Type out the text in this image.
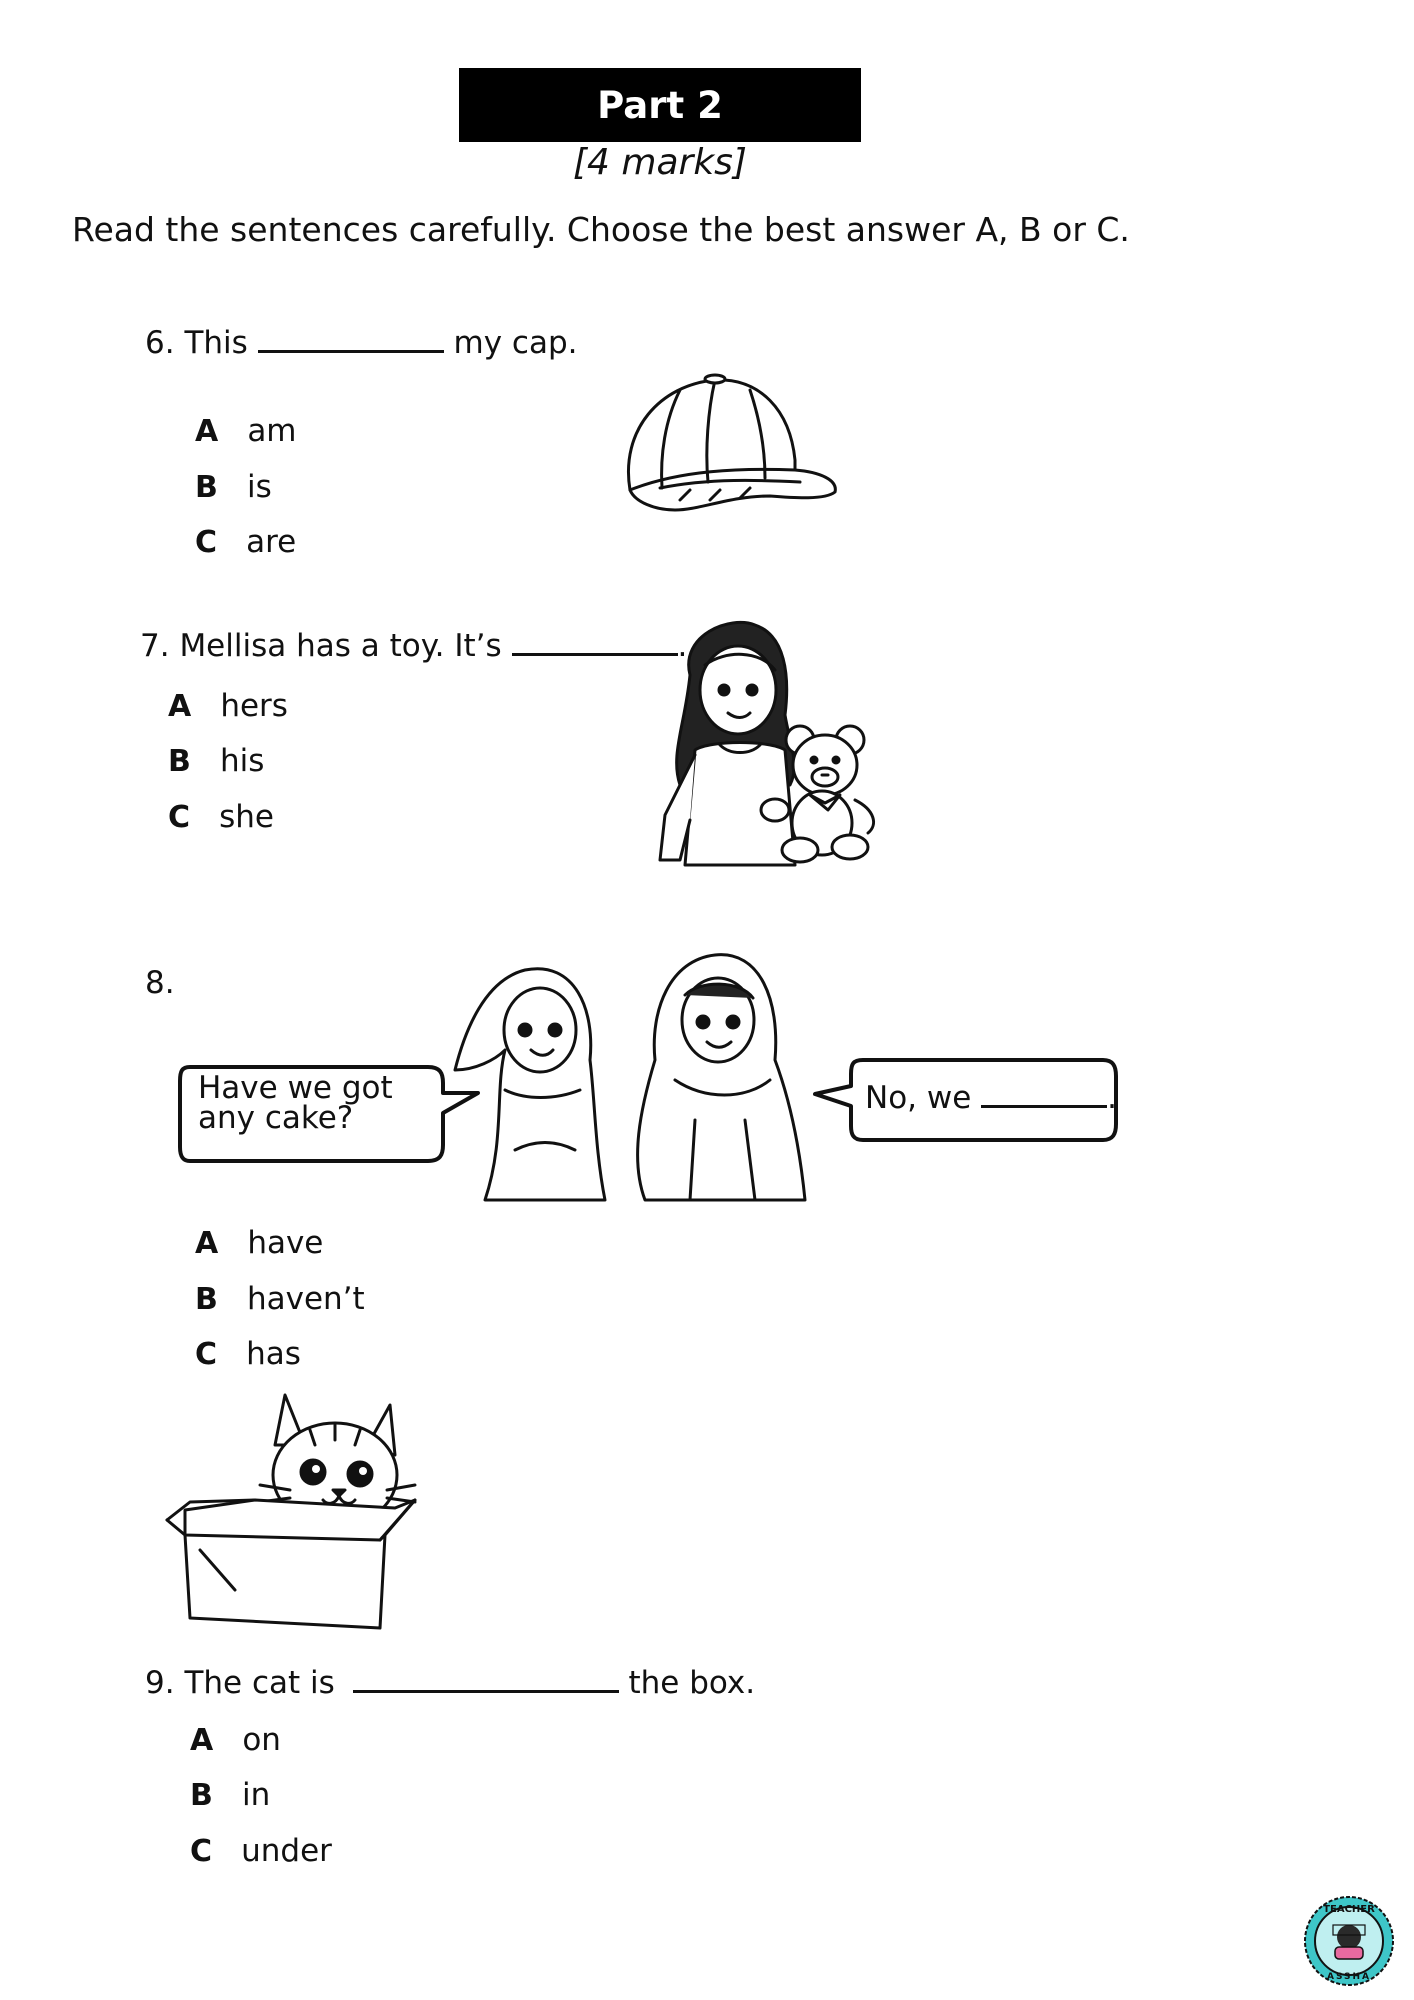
Part 2
[4 marks]
Read the sentences carefully. Choose the best answer A, B or C.
6. This	my cap.
A am
B is
C are
7. Mellisa has a toy. It’s	.
A hers
B his
C she
8.
Have we got
any cake?
No, we	.
A have
B haven’t
C has
9. The cat is	the box.
A on
B in
C under
TEACHER
ASSHA
